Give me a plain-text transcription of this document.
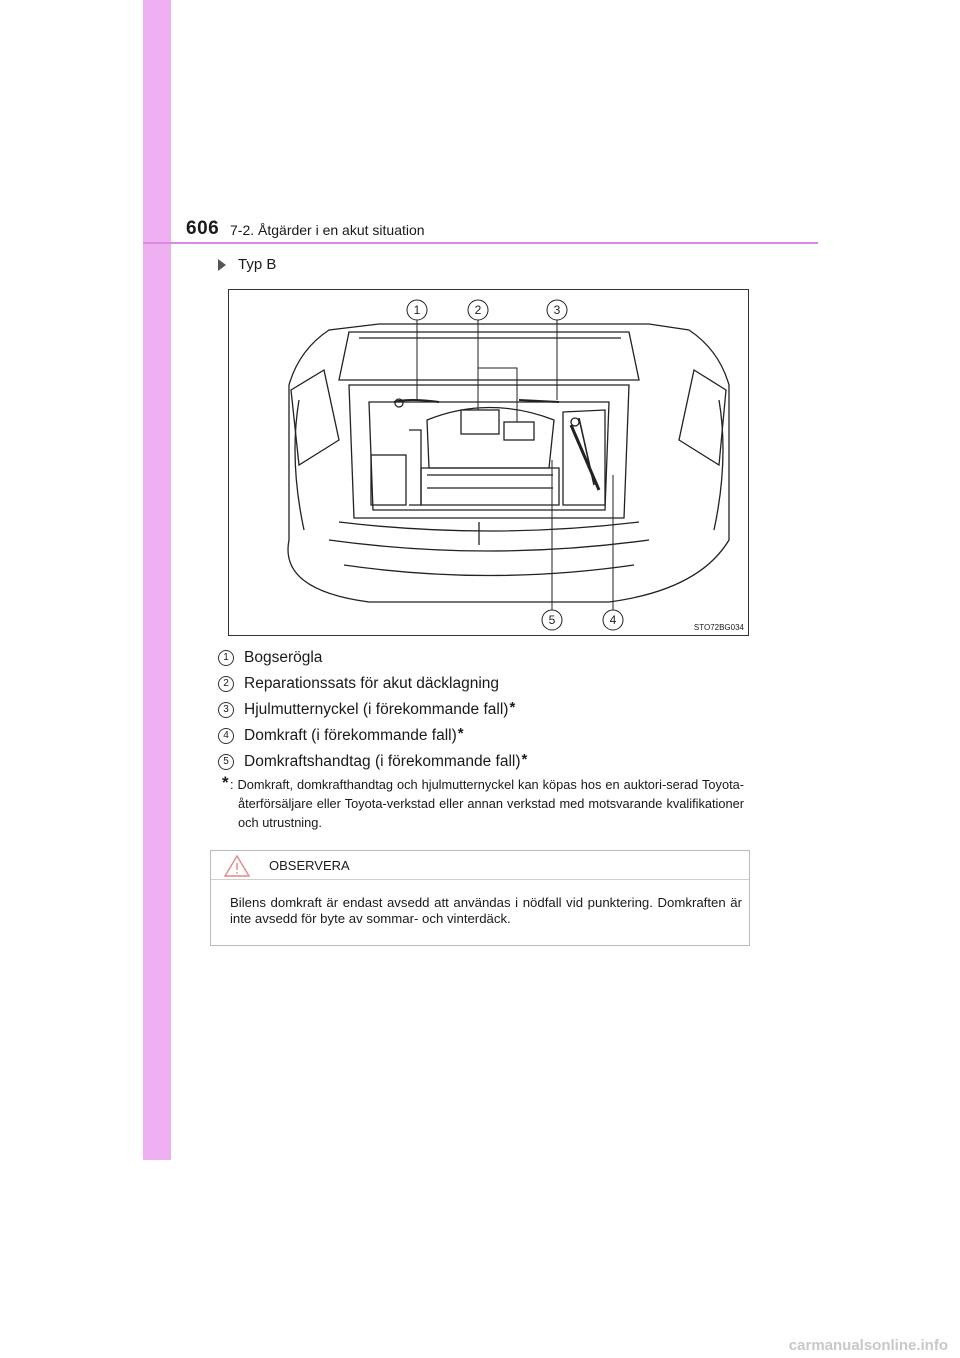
606 7-2. Åtgärder i en akut situation
Typ B
1	2	3
4
5
STO72BG034
1 Bogserögla
2 Reparationssats för akut däcklagning
3 Hjulmutternyckel (i förekommande fall)*
4 Domkraft (i förekommande fall)*
5 Domkraftshandtag (i förekommande fall)*
* : Domkraft, domkrafthandtag och hjulmutternyckel kan köpas hos en auktori-serad Toyota-återförsäljare eller Toyota-verkstad eller annan verkstad med motsvarande kvalifikationer och utrustning.
OBSERVERA
Bilens domkraft är endast avsedd att användas i nödfall vid punktering. Domkraften är inte avsedd för byte av sommar- och vinterdäck.
carmanualsonline.info
